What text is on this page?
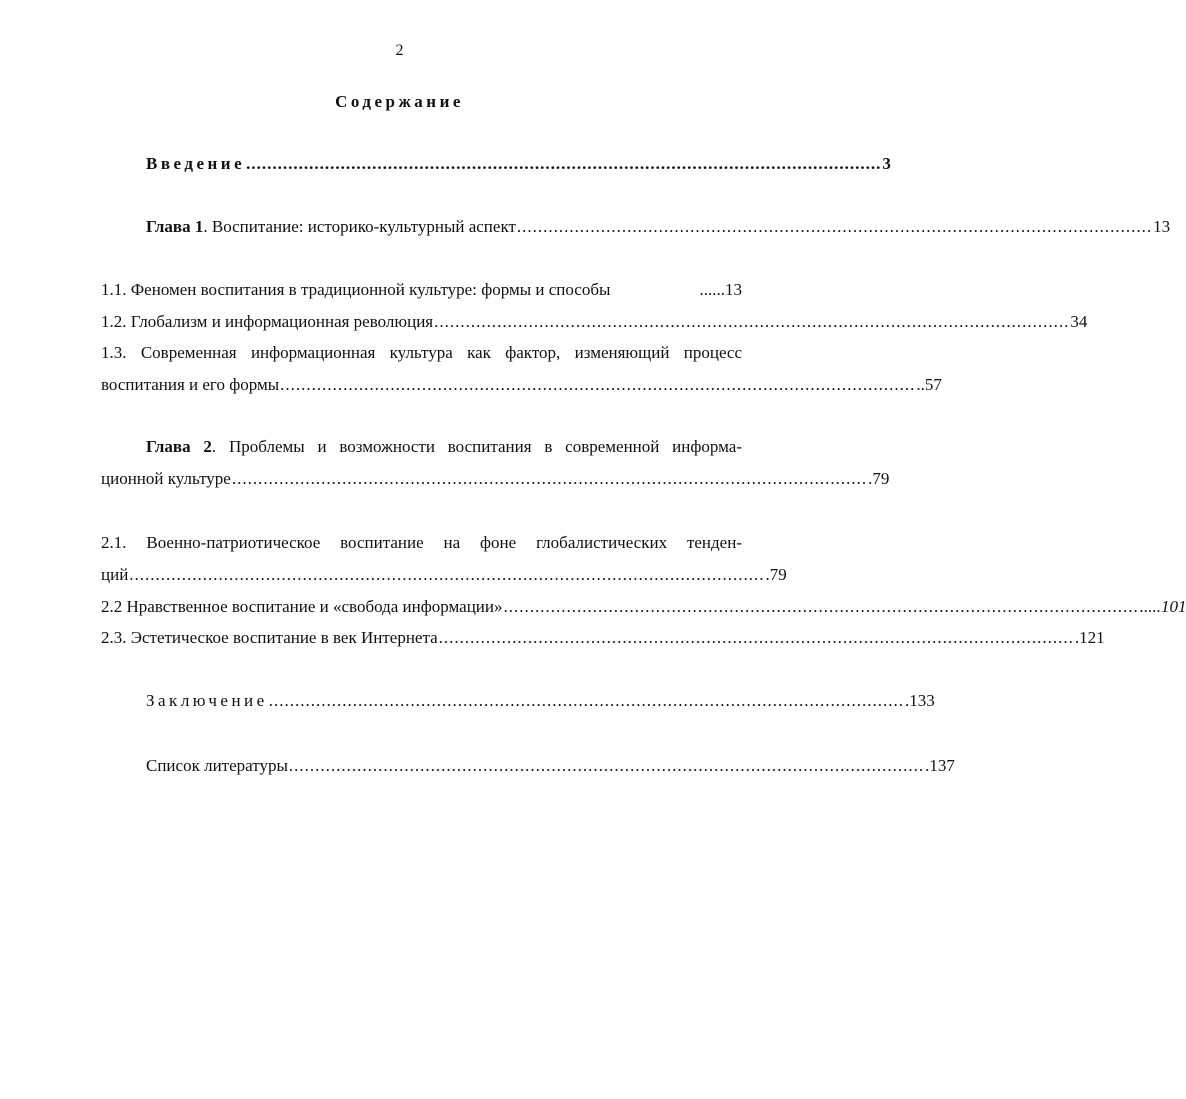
2
Содержание
Введение ......................................................................................................................... 3
Глава 1. Воспитание: историко-культурный аспект ......................................................................................................................... 13
1.1. Феномен воспитания в традиционной культуре: формы и способы	......13
1.2. Глобализм и информационная революция ......................................................................................................................... 34
1.3. Современная информационная культура как фактор, изменяющий процесс
воспитания и его формы ......................................................................................................................... ..57
Глава 2. Проблемы и возможности воспитания в современной информа-
ционной культуре ......................................................................................................................... .79
2.1. Военно-патриотическое воспитание на фоне глобалистических тенден-
ций ......................................................................................................................... .79
2.2 Нравственное воспитание и «свобода информации» ......................................................................................................................... .....101
2.3. Эстетическое воспитание в век Интернета ......................................................................................................................... .121
Заключение ......................................................................................................................... .133
Список литературы ......................................................................................................................... .137
